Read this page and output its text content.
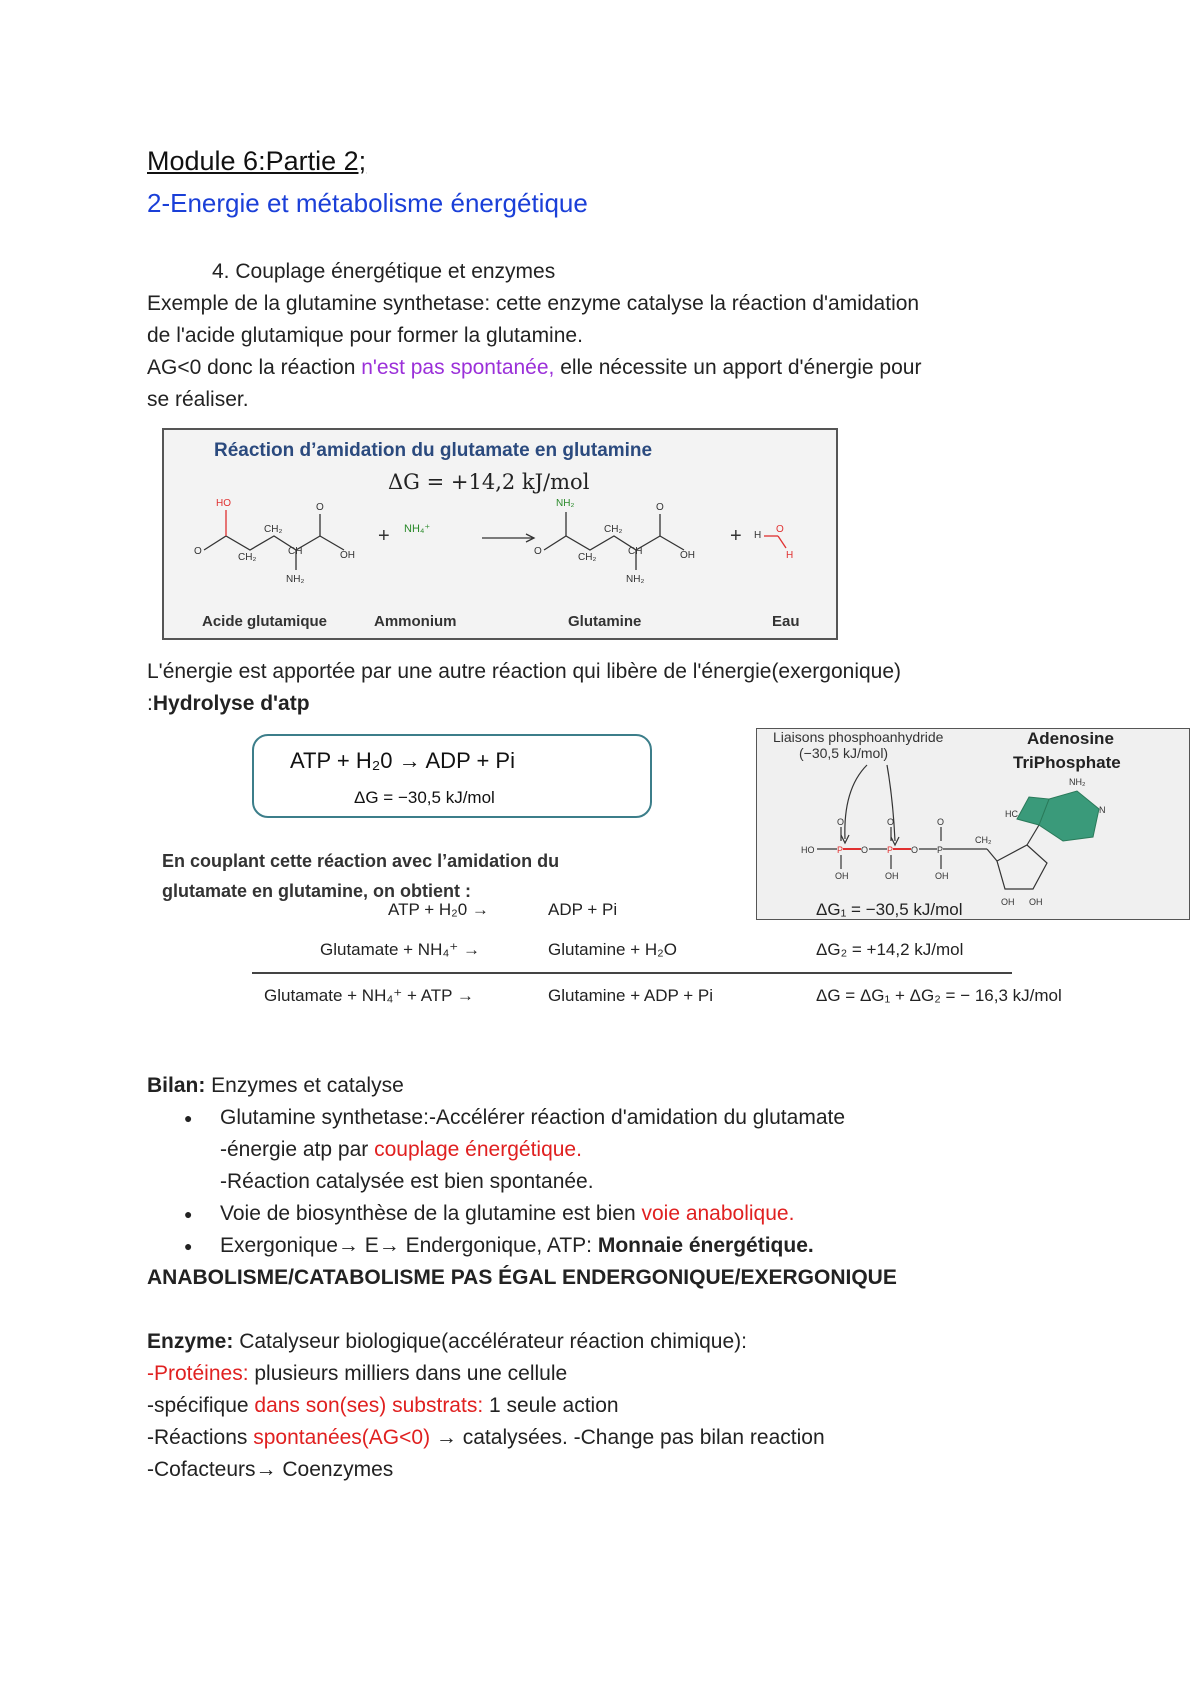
Module 6:Partie 2;
2-Energie et métabolisme énergétique
4. Couplage énergétique et enzymes
Exemple de la glutamine synthetase: cette enzyme catalyse la réaction d'amidation
de l'acide glutamique pour former la glutamine.
AG<0 donc la réaction n'est pas spontanée, elle nécessite un apport d'énergie pour
se réaliser.
Réaction d’amidation du glutamate en glutamine
ΔG = +14,2 kJ/mol
HO
O
CH₂
CH₂
CH
O
OH
NH₂
NH₄⁺
NH₂
O
CH₂
CH₂
CH
O
OH
NH₂
H
O
H
+	+
Acide glutamique	Ammonium	Glutamine	Eau
L'énergie est apportée par une autre réaction qui libère de l'énergie(exergonique)
:Hydrolyse d'atp
ATP + H₂0 → ADP + Pi
ΔG = −30,5 kJ/mol
En couplant cette réaction avec l’amidation du
glutamate en glutamine, on obtient :
Liaisons phosphoanhydride
(−30,5 kJ/mol)
Adenosine
TriPhosphate
HO	P O P O P
O	O	O
OH	OH	OH
CH₂
OH OH
NH₂
HC	N
ATP + H₂0 →	ADP + Pi	ΔG₁ = −30,5 kJ/mol
Glutamate + NH₄⁺ →	Glutamine + H₂O	ΔG₂ = +14,2 kJ/mol
Glutamate + NH₄⁺ + ATP →	Glutamine + ADP + Pi	ΔG = ΔG₁ + ΔG₂ = − 16,3 kJ/mol
Bilan: Enzymes et catalyse
● Glutamine synthetase:-Accélérer réaction d'amidation du glutamate
-énergie atp par couplage énergétique.
-Réaction catalysée est bien spontanée.
● Voie de biosynthèse de la glutamine est bien voie anabolique.
● Exergonique→ E→ Endergonique, ATP: Monnaie énergétique.
ANABOLISME/CATABOLISME PAS ÉGAL ENDERGONIQUE/EXERGONIQUE
Enzyme: Catalyseur biologique(accélérateur réaction chimique):
-Protéines: plusieurs milliers dans une cellule
-spécifique dans son(ses) substrats: 1 seule action
-Réactions spontanées(AG<0) → catalysées. -Change pas bilan reaction
-Cofacteurs→ Coenzymes
